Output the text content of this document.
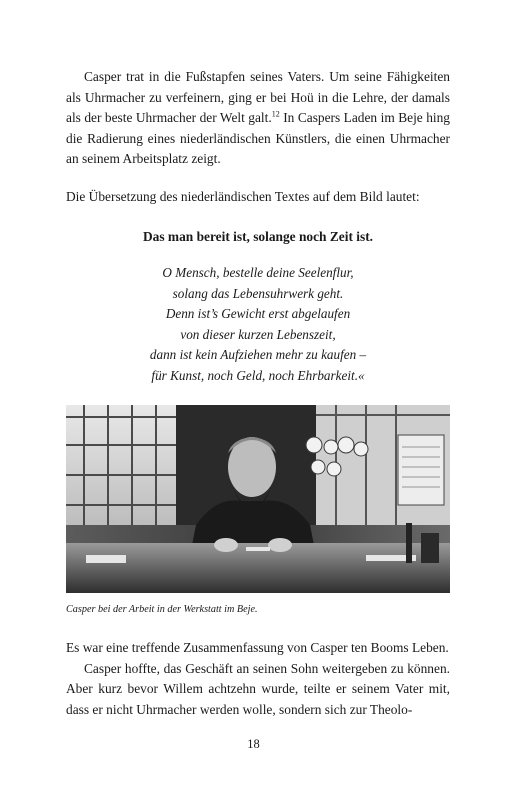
Casper trat in die Fußstapfen seines Vaters. Um seine Fähigkeiten als Uhrmacher zu verfeinern, ging er bei Hoü in die Lehre, der damals als der beste Uhrmacher der Welt galt.$^{12}$ In Caspers Laden im Beje hing die Radierung eines niederländischen Künstlers, die einen Uhrmacher an seinem Arbeitsplatz zeigt.
Die Übersetzung des niederländischen Textes auf dem Bild lautet:
Das man bereit ist, solange noch Zeit ist.
O Mensch, bestelle deine Seelenflur,
solang das Lebensuhrwerk geht.
Denn ist’s Gewicht erst abgelaufen
von dieser kurzen Lebenszeit,
dann ist kein Aufziehen mehr zu kaufen –
für Kunst, noch Geld, noch Ehrbarkeit.«
Casper bei der Arbeit in der Werkstatt im Beje.
Es war eine treffende Zusammenfassung von Casper ten Booms Leben.
Casper hoffte, das Geschäft an seinen Sohn weitergeben zu können. Aber kurz bevor Willem achtzehn wurde, teilte er seinem Vater mit, dass er nicht Uhrmacher werden wolle, sondern sich zur Theolo-
18
